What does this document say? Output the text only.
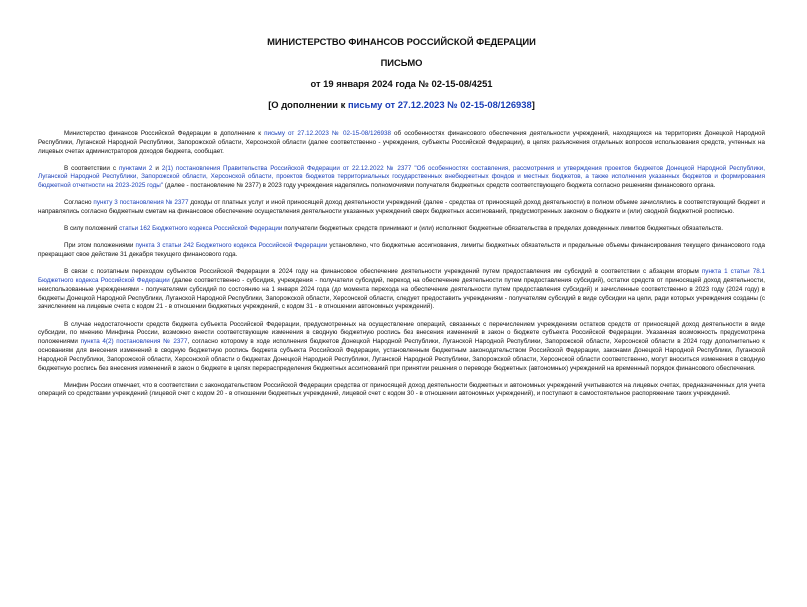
МИНИСТЕРСТВО ФИНАНСОВ РОССИЙСКОЙ ФЕДЕРАЦИИ
ПИСЬМО
от 19 января 2024 года № 02-15-08/4251
[О дополнении к письму от 27.12.2023 № 02-15-08/126938]

Министерство финансов Российской Федерации в дополнение к письму от 27.12.2023 № 02-15-08/126938 об особенностях финансового обеспечения деятельности учреждений, находящихся на территориях Донецкой Народной Республики, Луганской Народной Республики, Запорожской области, Херсонской области (далее соответственно - учреждения, субъекты Российской Федерации), в целях разъяснения отдельных вопросов использования средств, учтенных на лицевых счетах администраторов доходов бюджета, сообщает.

В соответствии с пунктами 2 и 2(1) постановления Правительства Российской Федерации от 22.12.2022 № 2377 "Об особенностях составления, рассмотрения и утверждения проектов бюджетов Донецкой Народной Республики, Луганской Народной Республики, Запорожской области, Херсонской области, проектов бюджетов территориальных государственных внебюджетных фондов и местных бюджетов, а также исполнения указанных бюджетов и формирования бюджетной отчетности на 2023-2025 годы" (далее - постановление № 2377) в 2023 году учреждения наделялись полномочиями получателя бюджетных средств соответствующего бюджета согласно решениям финансового органа.

Согласно пункту 3 постановления № 2377 доходы от платных услуг и иной приносящей доход деятельности учреждений (далее - средства от приносящей доход деятельности) в полном объеме зачислялись в соответствующий бюджет и направлялись согласно бюджетным сметам на финансовое обеспечение осуществления деятельности указанных учреждений сверх бюджетных ассигнований, предусмотренных законом о бюджете и (или) сводной бюджетной росписью.

В силу положений статьи 162 Бюджетного кодекса Российской Федерации получатели бюджетных средств принимают и (или) исполняют бюджетные обязательства в пределах доведенных лимитов бюджетных обязательств.

При этом положениями пункта 3 статьи 242 Бюджетного кодекса Российской Федерации установлено, что бюджетные ассигнования, лимиты бюджетных обязательств и предельные объемы финансирования текущего финансового года прекращают свое действие 31 декабря текущего финансового года.

В связи с поэтапным переходом субъектов Российской Федерации в 2024 году на финансовое обеспечение деятельности учреждений путем предоставления им субсидий в соответствии с абзацем вторым пункта 1 статьи 78.1 Бюджетного кодекса Российской Федерации (далее соответственно - субсидия, учреждения - получатели субсидий, переход на обеспечение деятельности путем предоставления субсидий), остатки средств от приносящей доход деятельности, неиспользованные учреждениями - получателями субсидий по состоянию на 1 января 2024 года (до момента перехода на обеспечение деятельности путем предоставления субсидий) и зачисленные соответственно в 2023 году (2024 году) в бюджеты Донецкой Народной Республики, Луганской Народной Республики, Запорожской области, Херсонской области, следует предоставить учреждениям - получателям субсидий в виде субсидии на цели, ради которых учреждения созданы (с зачислением на лицевые счета с кодом 21 - в отношении бюджетных учреждений, с кодом 31 - в отношении автономных учреждений).

В случае недостаточности средств бюджета субъекта Российской Федерации, предусмотренных на осуществление операций, связанных с перечислением учреждениям остатков средств от приносящей доход деятельности в виде субсидии, по мнению Минфина России, возможно внести соответствующие изменения в сводную бюджетную роспись без внесения изменений в закон о бюджете субъекта Российской Федерации. Указанная возможность предусмотрена положениями пункта 4(2) постановления № 2377, согласно которому в ходе исполнения бюджетов Донецкой Народной Республики, Луганской Народной Республики, Запорожской области, Херсонской области в 2024 году дополнительно к основаниям для внесения изменений в сводную бюджетную роспись бюджета субъекта Российской Федерации, установленным бюджетным законодательством Российской Федерации, законами Донецкой Народной Республики, Луганской Народной Республики, Запорожской области, Херсонской области о бюджетах Донецкой Народной Республики, Луганской Народной Республики, Запорожской области, Херсонской области соответственно, могут вноситься изменения в сводную бюджетную роспись без внесения изменений в закон о бюджете в целях перераспределения бюджетных ассигнований при принятии решения о переводе бюджетных (автономных) учреждений на временный порядок финансового обеспечения.

Минфин России отмечает, что в соответствии с законодательством Российской Федерации средства от приносящей доход деятельности бюджетных и автономных учреждений учитываются на лицевых счетах, предназначенных для учета операций со средствами учреждений (лицевой счет с кодом 20 - в отношении бюджетных учреждений, лицевой счет с кодом 30 - в отношении автономных учреждений), и поступают в самостоятельное распоряжение таких учреждений.
